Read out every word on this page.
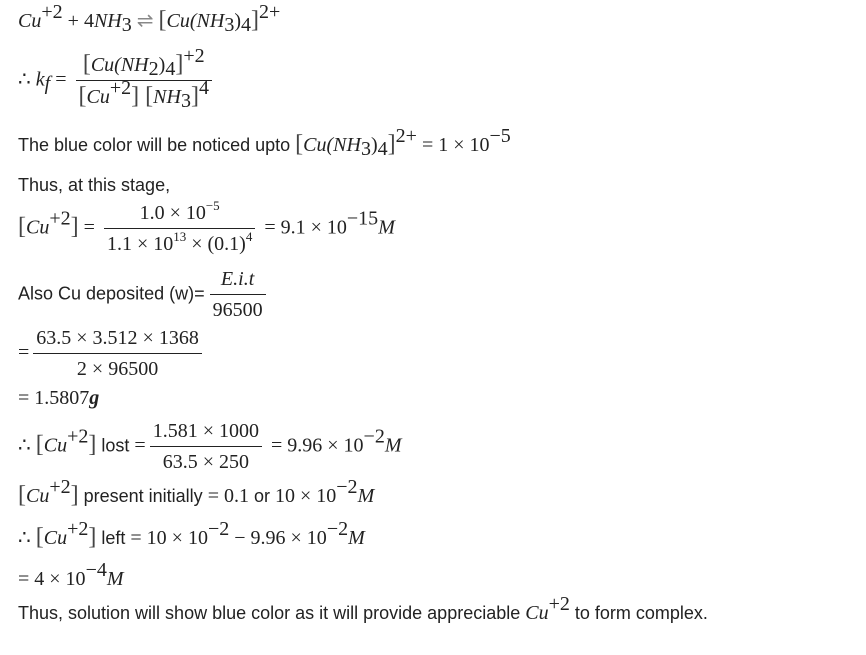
$Cu^{+2} + 4NH_3$ ⇌ $[Cu(NH_3)_4]^{2+}$
∴ $k_f = \frac{[Cu(NH_2)_4]^{+2}}{[Cu^{+2}] [NH_3]^4}$
The blue color will be noticed upto $[Cu(NH_3)_4]^{2+} = 1 \times 10^{-5}$
Thus, at this stage,
$[Cu^{+2}] = \frac{1.0 \times 10^{-5}}{1.1 \times 10^{13} \times (0.1)^4} = 9.1 \times 10^{-15}M$
Also Cu deposited $(w)= \frac{E.i.t}{96500}$
= $\frac{63.5 \times 3.512 \times 1368}{2 \times 96500}$
= 1.5807g
∴ $[Cu^{+2}]$ lost = $\frac{1.581 \times 1000}{63.5 \times 250} = 9.96 \times 10^{-2}M$
$[Cu^{+2}]$ present initially = 0.1 or $10 \times 10^{-2}M$
∴ $[Cu^{+2}]$ left = $10 \times 10^{-2} - 9.96 \times 10^{-2}M$
= $4 \times 10^{-4}M$
Thus, solution will show blue color as it will provide appreciable $Cu^{+2}$ to form complex.
